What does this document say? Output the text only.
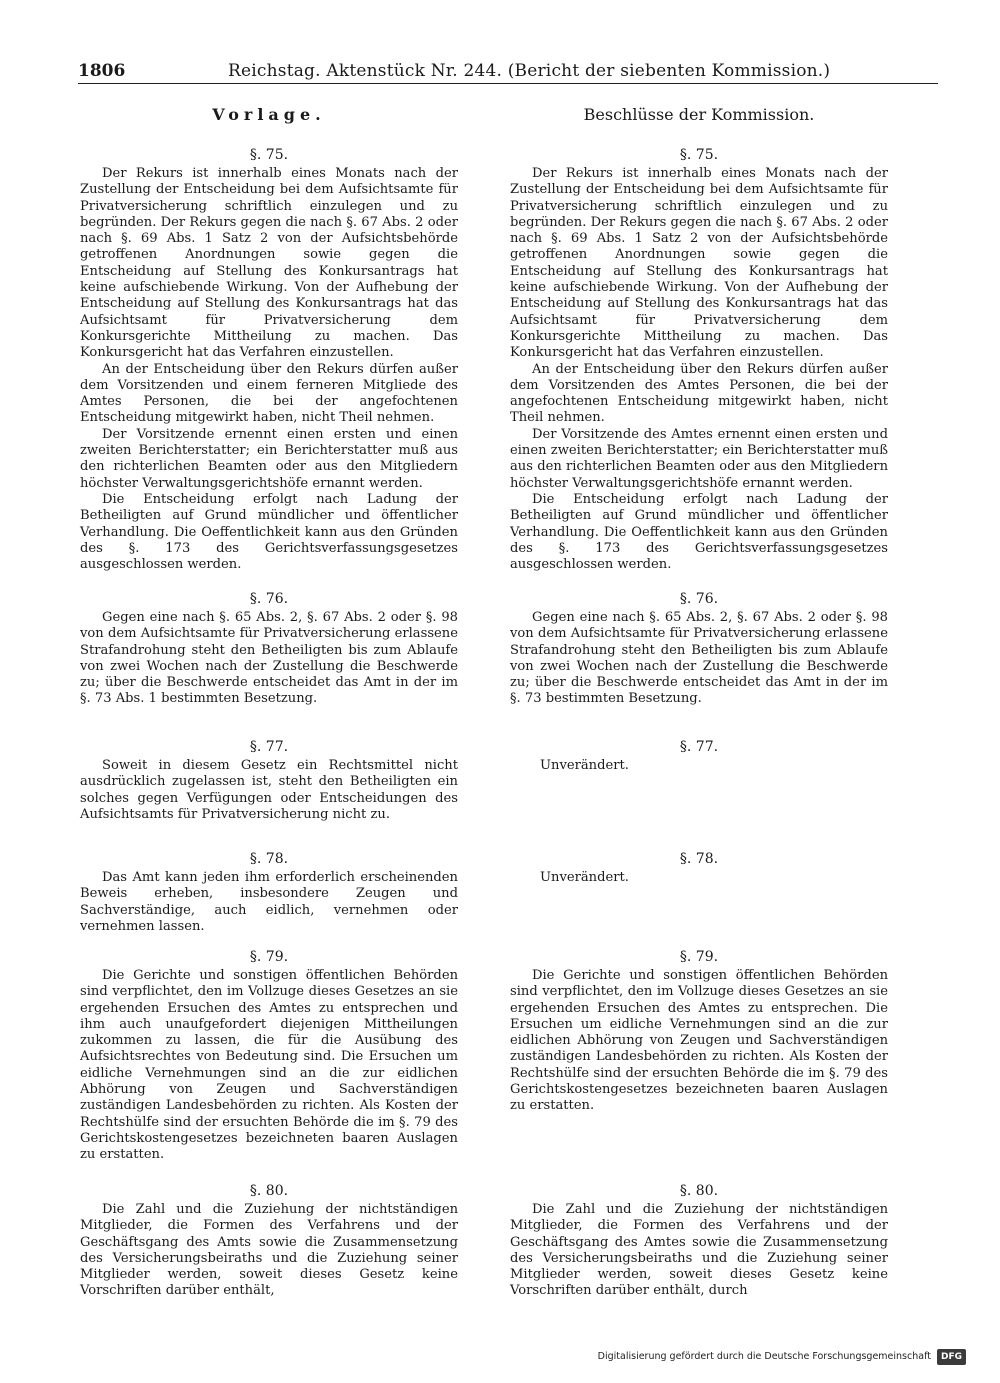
1806	Reichstag. Aktenstück Nr. 244. (Bericht der siebenten Kommission.)
Vorlage.
§. 75.

Der Rekurs ist innerhalb eines Monats nach der Zustellung der Entscheidung bei dem Aufsichtsamte für Privatversicherung schriftlich einzulegen und zu begründen. Der Rekurs gegen die nach §. 67 Abs. 2 oder nach §. 69 Abs. 1 Satz 2 von der Aufsichtsbehörde getroffenen Anordnungen sowie gegen die Entscheidung auf Stellung des Konkursantrags hat keine aufschiebende Wirkung. Von der Aufhebung der Entscheidung auf Stellung des Konkursantrags hat das Aufsichtsamt für Privatversicherung dem Konkursgerichte Mittheilung zu machen. Das Konkursgericht hat das Verfahren einzustellen.

An der Entscheidung über den Rekurs dürfen außer dem Vorsitzenden und einem ferneren Mitgliede des Amtes Personen, die bei der angefochtenen Entscheidung mitgewirkt haben, nicht Theil nehmen.

Der Vorsitzende ernennt einen ersten und einen zweiten Berichterstatter; ein Berichterstatter muß aus den richterlichen Beamten oder aus den Mitgliedern höchster Verwaltungsgerichtshöfe ernannt werden.

Die Entscheidung erfolgt nach Ladung der Betheiligten auf Grund mündlicher und öffentlicher Verhandlung. Die Oeffentlichkeit kann aus den Gründen des §. 173 des Gerichtsverfassungsgesetzes ausgeschlossen werden.

§. 76.

Gegen eine nach §. 65 Abs. 2, §. 67 Abs. 2 oder §. 98 von dem Aufsichtsamte für Privatversicherung erlassene Strafandrohung steht den Betheiligten bis zum Ablaufe von zwei Wochen nach der Zustellung die Beschwerde zu; über die Beschwerde entscheidet das Amt in der im §. 73 Abs. 1 bestimmten Besetzung.

§. 77.

Soweit in diesem Gesetz ein Rechtsmittel nicht ausdrücklich zugelassen ist, steht den Betheiligten ein solches gegen Verfügungen oder Entscheidungen des Aufsichtsamts für Privatversicherung nicht zu.

§. 78.

Das Amt kann jeden ihm erforderlich erscheinenden Beweis erheben, insbesondere Zeugen und Sachverständige, auch eidlich, vernehmen oder vernehmen lassen.

§. 79.

Die Gerichte und sonstigen öffentlichen Behörden sind verpflichtet, den im Vollzuge dieses Gesetzes an sie ergehenden Ersuchen des Amtes zu entsprechen und ihm auch unaufgefordert diejenigen Mittheilungen zukommen zu lassen, die für die Ausübung des Aufsichtsrechtes von Bedeutung sind. Die Ersuchen um eidliche Vernehmungen sind an die zur eidlichen Abhörung von Zeugen und Sachverständigen zuständigen Landesbehörden zu richten. Als Kosten der Rechtshülfe sind der ersuchten Behörde die im §. 79 des Gerichtskostengesetzes bezeichneten baaren Auslagen zu erstatten.

§. 80.

Die Zahl und die Zuziehung der nichtständigen Mitglieder, die Formen des Verfahrens und der Geschäftsgang des Amts sowie die Zusammensetzung des Versicherungsbeiraths und die Zuziehung seiner Mitglieder werden, soweit dieses Gesetz keine Vorschriften darüber enthält,

Beschlüsse der Kommission.
§. 75.

Der Rekurs ist innerhalb eines Monats nach der Zustellung der Entscheidung bei dem Aufsichtsamte für Privatversicherung schriftlich einzulegen und zu begründen. Der Rekurs gegen die nach §. 67 Abs. 2 oder nach §. 69 Abs. 1 Satz 2 von der Aufsichtsbehörde getroffenen Anordnungen sowie gegen die Entscheidung auf Stellung des Konkursantrags hat keine aufschiebende Wirkung. Von der Aufhebung der Entscheidung auf Stellung des Konkursantrags hat das Aufsichtsamt für Privatversicherung dem Konkursgerichte Mittheilung zu machen. Das Konkursgericht hat das Verfahren einzustellen.

An der Entscheidung über den Rekurs dürfen außer dem Vorsitzenden des Amtes Personen, die bei der angefochtenen Entscheidung mitgewirkt haben, nicht Theil nehmen.

Der Vorsitzende des Amtes ernennt einen ersten und einen zweiten Berichterstatter; ein Berichterstatter muß aus den richterlichen Beamten oder aus den Mitgliedern höchster Verwaltungsgerichtshöfe ernannt werden.

Die Entscheidung erfolgt nach Ladung der Betheiligten auf Grund mündlicher und öffentlicher Verhandlung. Die Oeffentlichkeit kann aus den Gründen des §. 173 des Gerichtsverfassungsgesetzes ausgeschlossen werden.

§. 76.

Gegen eine nach §. 65 Abs. 2, §. 67 Abs. 2 oder §. 98 von dem Aufsichtsamte für Privatversicherung erlassene Strafandrohung steht den Betheiligten bis zum Ablaufe von zwei Wochen nach der Zustellung die Beschwerde zu; über die Beschwerde entscheidet das Amt in der im §. 73 bestimmten Besetzung.

§. 77.

Unverändert.

§. 78.

Unverändert.

§. 79.

Die Gerichte und sonstigen öffentlichen Behörden sind verpflichtet, den im Vollzuge dieses Gesetzes an sie ergehenden Ersuchen des Amtes zu entsprechen. Die Ersuchen um eidliche Vernehmungen sind an die zur eidlichen Abhörung von Zeugen und Sachverständigen zuständigen Landesbehörden zu richten. Als Kosten der Rechtshülfe sind der ersuchten Behörde die im §. 79 des Gerichtskostengesetzes bezeichneten baaren Auslagen zu erstatten.

§. 80.

Die Zahl und die Zuziehung der nichtständigen Mitglieder, die Formen des Verfahrens und der Geschäftsgang des Amtes sowie die Zusammensetzung des Versicherungsbeiraths und die Zuziehung seiner Mitglieder werden, soweit dieses Gesetz keine Vorschriften darüber enthält, durch

Digitalisierung gefördert durch die Deutsche Forschungsgemeinschaft	DFG
